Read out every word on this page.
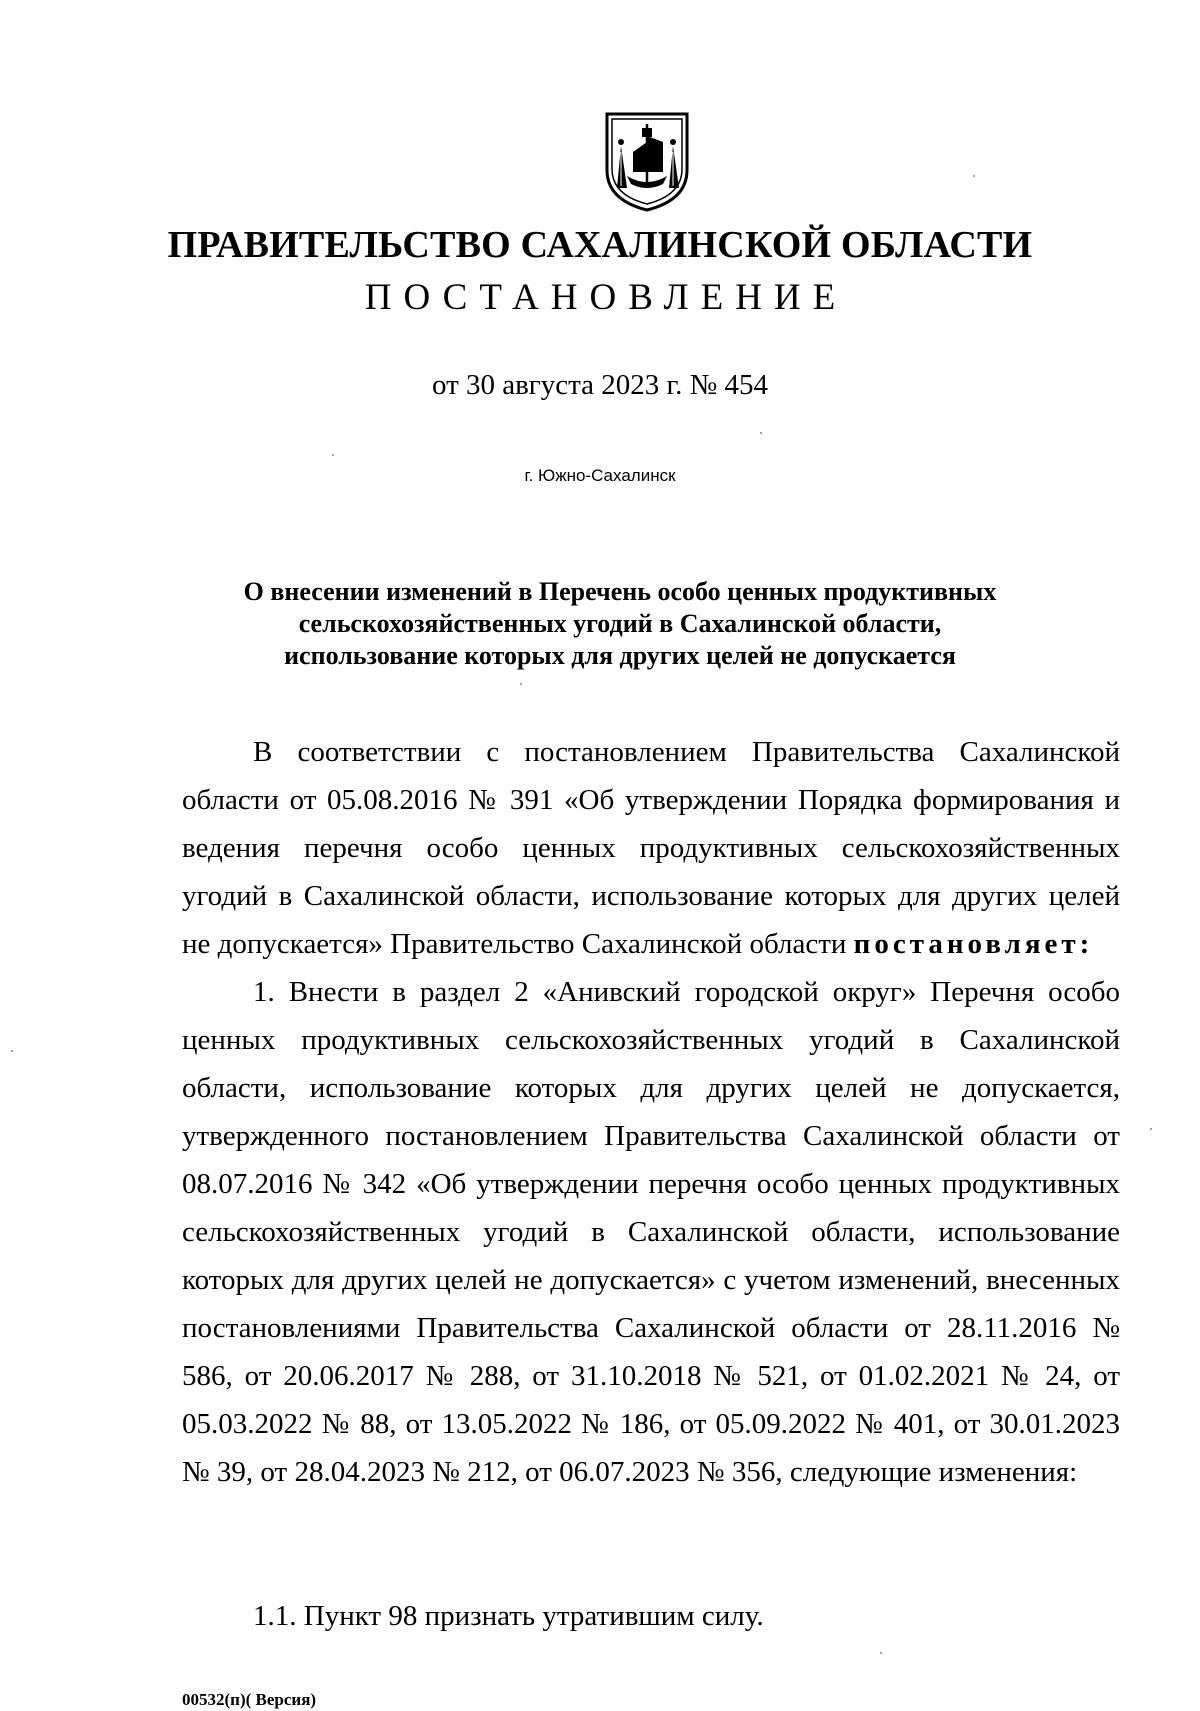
ПРАВИТЕЛЬСТВО САХАЛИНСКОЙ ОБЛАСТИ
ПОСТАНОВЛЕНИЕ
от 30 августа 2023 г. № 454
г. Южно-Сахалинск
О внесении изменений в Перечень особо ценных продуктивных
сельскохозяйственных угодий в Сахалинской области,
использование которых для других целей не допускается

В соответствии с постановлением Правительства Сахалинской области от 05.08.2016 № 391 «Об утверждении Порядка формирования и ведения перечня особо ценных продуктивных сельскохозяйственных угодий в Сахалинской области, использование которых для других целей не допускается» Правительство Сахалинской области постановляет:

1. Внести в раздел 2 «Анивский городской округ» Перечня особо ценных продуктивных сельскохозяйственных угодий в Сахалинской области, использование которых для других целей не допускается, утвержденного постановлением Правительства Сахалинской области от 08.07.2016 № 342 «Об утверждении перечня особо ценных продуктивных сельскохозяйственных угодий в Сахалинской области, использование которых для других целей не допускается» с учетом изменений, внесенных постановлениями Правительства Сахалинской области от 28.11.2016 № 586, от 20.06.2017 № 288, от 31.10.2018 № 521, от 01.02.2021 № 24, от 05.03.2022 № 88, от 13.05.2022 № 186, от 05.09.2022 № 401, от 30.01.2023 № 39, от 28.04.2023 № 212, от 06.07.2023 № 356, следующие изменения:

1.1. Пункт 98 признать утратившим силу.

00532(п)( Версия)
